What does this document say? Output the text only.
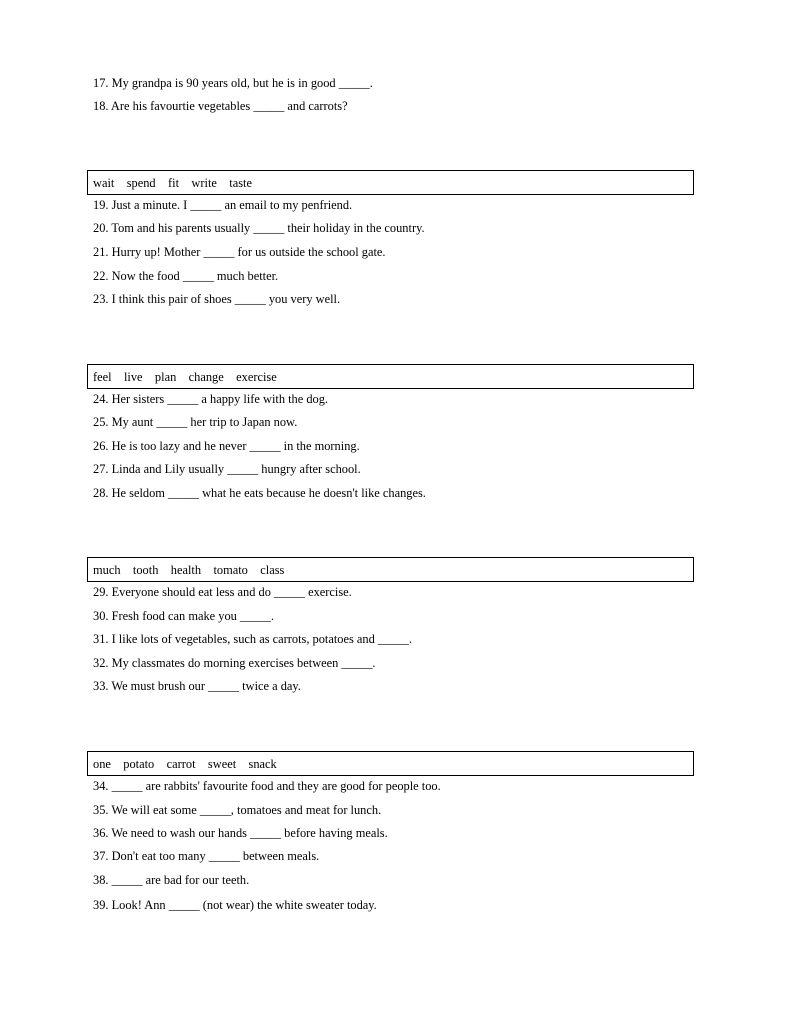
17. My grandpa is 90 years old, but he is in good _____.
18. Are his favourtie vegetables _____ and carrots?
wait    spend    fit    write    taste
19. Just a minute. I _____ an email to my penfriend.
20. Tom and his parents usually _____ their holiday in the country.
21. Hurry up! Mother _____ for us outside the school gate.
22. Now the food _____ much better.
23. I think this pair of shoes _____ you very well.
feel    live    plan    change    exercise
24. Her sisters _____ a happy life with the dog.
25. My aunt _____ her trip to Japan now.
26. He is too lazy and he never _____ in the morning.
27. Linda and Lily usually _____ hungry after school.
28. He seldom _____ what he eats because he doesn't like changes.
much    tooth    health    tomato    class
29. Everyone should eat less and do _____ exercise.
30. Fresh food can make you _____.
31. I like lots of vegetables, such as carrots, potatoes and _____.
32. My classmates do morning exercises between _____.
33. We must brush our _____ twice a day.
one    potato    carrot    sweet    snack
34. _____ are rabbits' favourite food and they are good for people too.
35. We will eat some _____, tomatoes and meat for lunch.
36. We need to wash our hands _____ before having meals.
37. Don't eat too many _____ between meals.
38. _____ are bad for our teeth.
39. Look! Ann _____ (not wear) the white sweater today.
